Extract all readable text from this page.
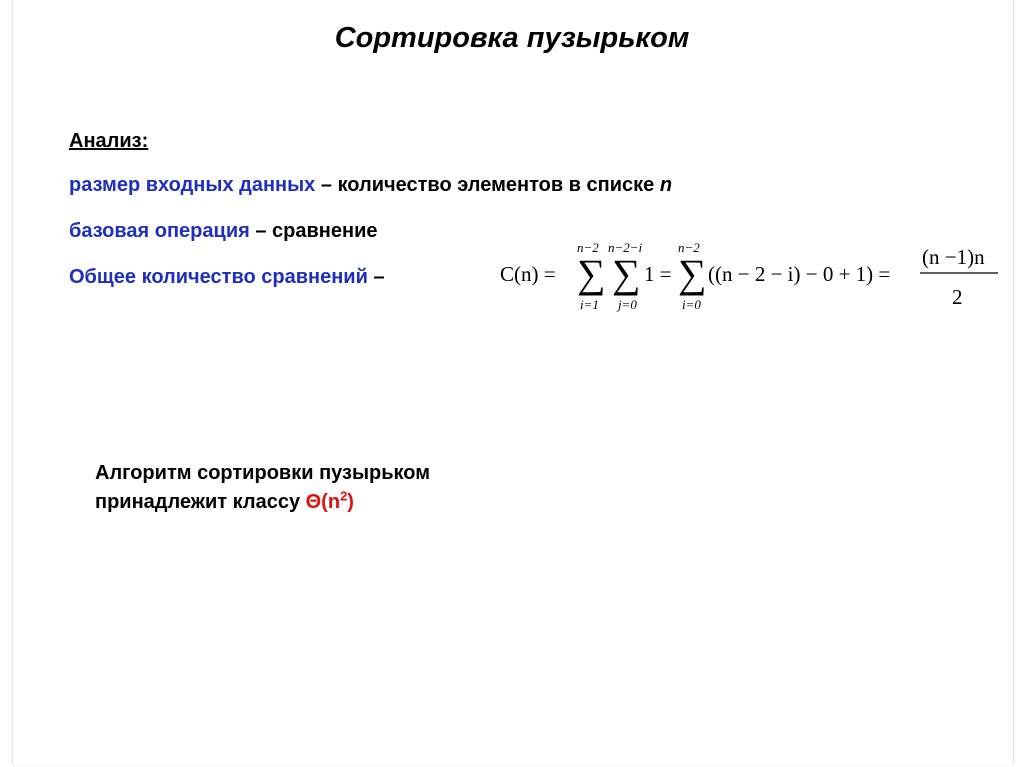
Сортировка пузырьком
Анализ:
размер входных данных – количество элементов в списке n
базовая операция – сравнение
Общее количество сравнений –	C(n) =
n−2
∑
i=1
n−2−i
∑
j=0
1 =
n−2
∑
i=0
((n − 2 − i) − 0 + 1) =
(n −1)n
2
Алгоритм сортировки пузырьком
принадлежит классу $\Theta(n^2)$
